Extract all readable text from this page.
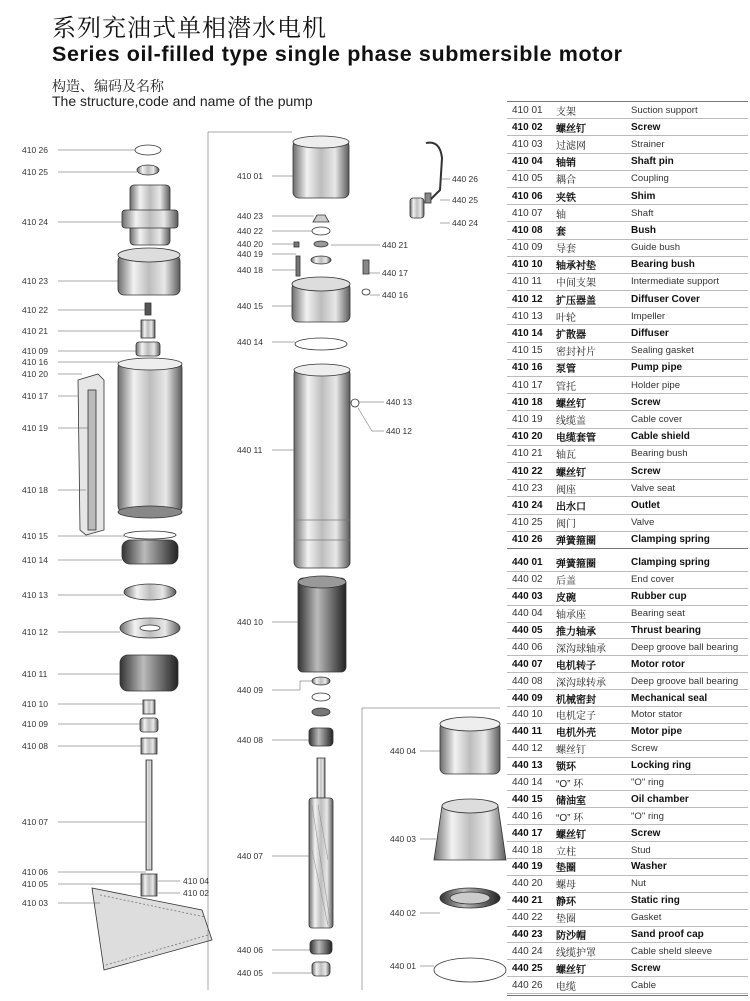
系列充油式单相潜水电机
Series oil-filled type single phase submersible motor
构造、编码及名称
The structure,code and name of the pump
410 26
410 25
410 24
410 23
410 22
410 21
410 09
410 16
410 20
410 17
410 19
410 18
410 15
410 14
410 13
410 12
410 11
410 10
410 09
410 08
410 07
410 06
410 05
410 03
410 04
410 02
410 01
440 23
440 22
440 20
440 19
440 18
440 21
440 17
440 16
440 15
440 14
440 13
440 12
440 11
440 10
440 09
440 08
440 07
440 06
440 05
440 26
440 25
440 24
440 04
440 03
440 02
440 01
410 01	支架	Suction support
410 02	螺丝钉	Screw
410 03	过滤网	Strainer
410 04	轴销	Shaft pin
410 05	耦合	Coupling
410 06	夹铁	Shim
410 07	轴	Shaft
410 08	套	Bush
410 09	导套	Guide bush
410 10	轴承衬垫	Bearing bush
410 11	中间支架	Intermediate support
410 12	扩压器盖	Diffuser Cover
410 13	叶轮	Impeller
410 14	扩散器	Diffuser
410 15	密封衬片	Sealing gasket
410 16	泵管	Pump pipe
410 17	管托	Holder pipe
410 18	螺丝钉	Screw
410 19	线缆盖	Cable cover
410 20	电缆套管	Cable shield
410 21	轴瓦	Bearing bush
410 22	螺丝钉	Screw
410 23	阀座	Valve seat
410 24	出水口	Outlet
410 25	阀门	Valve
410 26	弹簧箍圈	Clamping spring
440 01	弹簧箍圈	Clamping spring
440 02	后盖	End cover
440 03	皮碗	Rubber cup
440 04	轴承座	Bearing seat
440 05	推力轴承	Thrust bearing
440 06	深沟球轴承	Deep groove ball bearing
440 07	电机转子	Motor rotor
440 08	深沟球转承	Deep groove ball bearing
440 09	机械密封	Mechanical seal
440 10	电机定子	Motor stator
440 11	电机外壳	Motor pipe
440 12	螺丝钉	Screw
440 13	锁环	Locking ring
440 14	“O” 环	"O" ring
440 15	储油室	Oil chamber
440 16	“O” 环	"O" ring
440 17	螺丝钉	Screw
440 18	立柱	Stud
440 19	垫圈	Washer
440 20	螺母	Nut
440 21	静环	Static ring
440 22	垫圈	Gasket
440 23	防沙帽	Sand proof cap
440 24	线缆护罩	Cable sheld sleeve
440 25	螺丝钉	Screw
440 26	电缆	Cable
